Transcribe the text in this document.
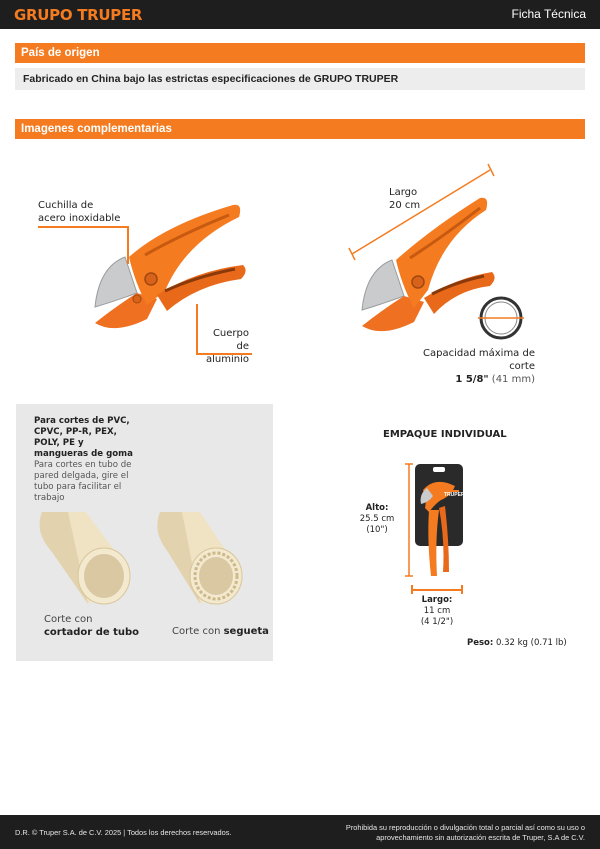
GRUPO TRUPER	Ficha Técnica
País de origen
Fabricado en China bajo las estrictas especificaciones de GRUPO TRUPER
Imagenes complementarias
Cuchilla de
acero inoxidable
Cuerpo de
aluminio
Largo
20 cm
Capacidad máxima de corte
1 5/8" (41 mm)
Para cortes de PVC, CPVC, PP-R, PEX, POLY, PE y mangueras de goma
Para cortes en tubo de pared delgada, gire el tubo para facilitar el trabajo
Corte con
cortador de tubo	Corte con segueta
EMPAQUE INDIVIDUAL
TRUPER
Alto:
25.5 cm
(10")
Largo:
11 cm
(4 1/2")
Peso: 0.32 kg (0.71 lb)
D.R. © Truper S.A. de C.V. 2025 | Todos los derechos reservados.
Prohibida su reproducción o divulgación total o parcial así como su uso o
aprovechamiento sin autorización escrita de Truper, S.A de C.V.
